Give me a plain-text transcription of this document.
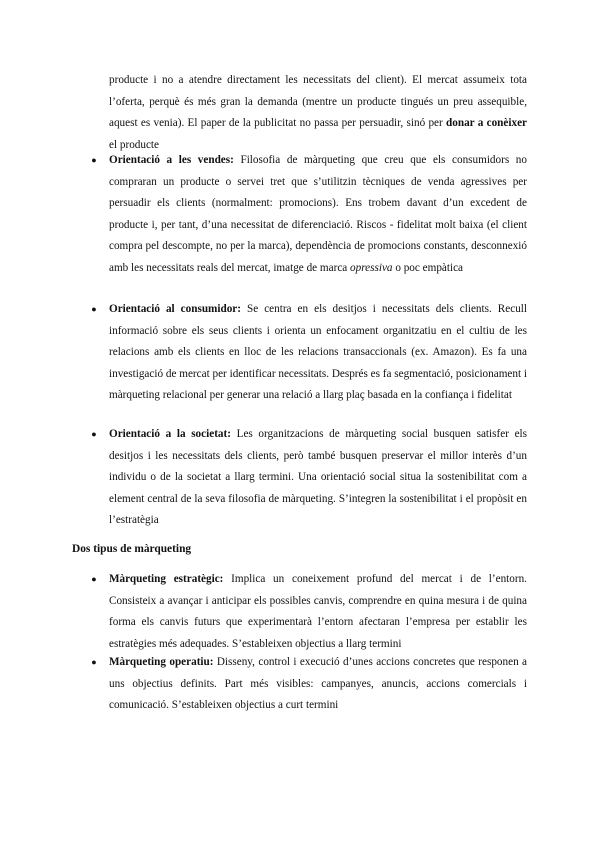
producte i no a atendre directament les necessitats del client). El mercat assumeix tota l’oferta, perquè és més gran la demanda (mentre un producte tingués un preu assequible, aquest es venia). El paper de la publicitat no passa per persuadir, sinó per donar a conèixer el producte

● Orientació a les vendes: Filosofia de màrqueting que creu que els consumidors no compraran un producte o servei tret que s’utilitzin tècniques de venda agressives per persuadir els clients (normalment: promocions). Ens trobem davant d’un excedent de producte i, per tant, d’una necessitat de diferenciació. Riscos - fidelitat molt baixa (el client compra pel descompte, no per la marca), dependència de promocions constants, desconnexió amb les necessitats reals del mercat, imatge de marca opressiva o poc empàtica
● Orientació al consumidor: Se centra en els desitjos i necessitats dels clients. Recull informació sobre els seus clients i orienta un enfocament organitzatiu en el cultiu de les relacions amb els clients en lloc de les relacions transaccionals (ex. Amazon). Es fa una investigació de mercat per identificar necessitats. Després es fa segmentació, posicionament i màrqueting relacional per generar una relació a llarg plaç basada en la confiança i fidelitat
● Orientació a la societat: Les organitzacions de màrqueting social busquen satisfer els desitjos i les necessitats dels clients, però també busquen preservar el millor interès d’un individu o de la societat a llarg termini. Una orientació social situa la sostenibilitat com a element central de la seva filosofia de màrqueting. S’integren la sostenibilitat i el propòsit en l’estratègia

Dos tipus de màrqueting

● Màrqueting estratègic: Implica un coneixement profund del mercat i de l’entorn. Consisteix a avançar i anticipar els possibles canvis, comprendre en quina mesura i de quina forma els canvis futurs que experimentarà l’entorn afectaran l’empresa per establir les estratègies més adequades. S’estableixen objectius a llarg termini
● Màrqueting operatiu: Disseny, control i execució d’unes accions concretes que responen a uns objectius definits. Part més visibles: campanyes, anuncis, accions comercials i comunicació. S’estableixen objectius a curt termini
